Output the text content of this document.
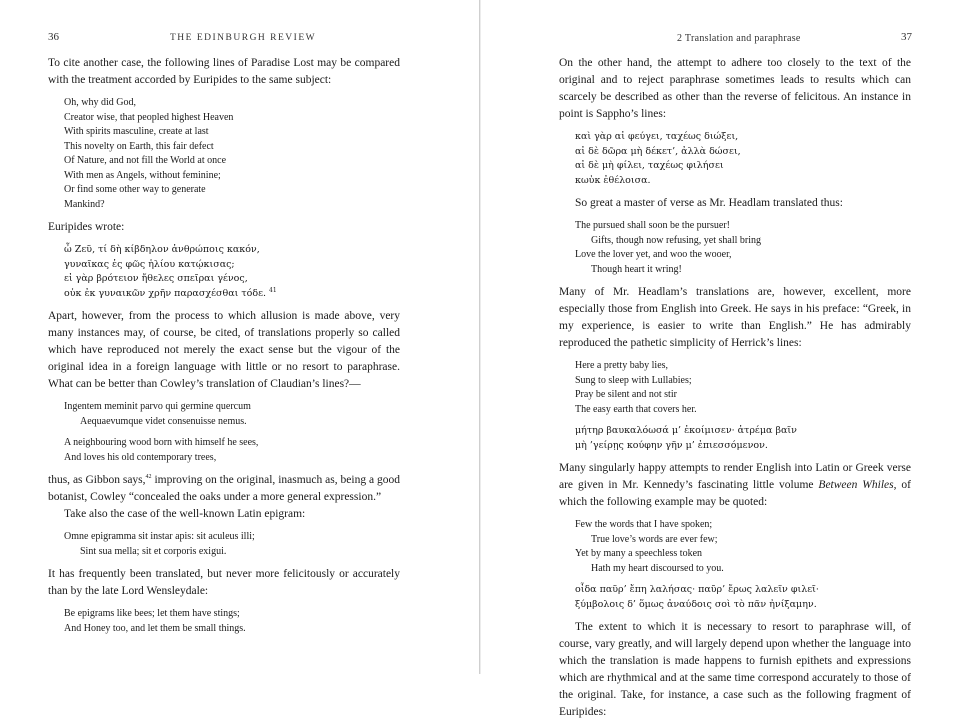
36	THE EDINBURGH REVIEW

To cite another case, the following lines of Paradise Lost may be compared with the treatment accorded by Euripides to the same subject:

Oh, why did God,
Creator wise, that peopled highest Heaven
With spirits masculine, create at last
This novelty on Earth, this fair defect
Of Nature, and not fill the World at once
With men as Angels, without feminine;
Or find some other way to generate
Mankind?

Euripides wrote:

ὦ Ζεῦ, τί δὴ κίβδηλον ἀνθρώποις κακόν,
γυναῖκας ἐς φῶς ἡλίου κατῴκισας;
εἰ γὰρ βρότειον ἤθελες σπεῖραι γένος,
οὐκ ἐκ γυναικῶν χρῆν παρασχέσθαι τόδε. $^{41}$

Apart, however, from the process to which allusion is made above, very many instances may, of course, be cited, of translations properly so called which have reproduced not merely the exact sense but the vigour of the original idea in a foreign language with little or no resort to paraphrase. What can be better than Cowley’s translation of Claudian’s lines?—

Ingentem meminit parvo qui germine quercum
Aequaevumque videt consenuisse nemus.
A neighbouring wood born with himself he sees,
And loves his old contemporary trees,

thus, as Gibbon says,$^{42}$ improving on the original, inasmuch as, being a good botanist, Cowley “concealed the oaks under a more general expression.”

Take also the case of the well-known Latin epigram:

Omne epigramma sit instar apis: sit aculeus illi;
Sint sua mella; sit et corporis exigui.

It has frequently been translated, but never more felicitously or accurately than by the late Lord Wensleydale:

Be epigrams like bees; let them have stings;
And Honey too, and let them be small things.
2 Translation and paraphrase	37

On the other hand, the attempt to adhere too closely to the text of the original and to reject paraphrase sometimes leads to results which can scarcely be described as other than the reverse of felicitous. An instance in point is Sappho’s lines:

καὶ γὰρ αἰ φεύγει, ταχέως διώξει,
αἰ δὲ δῶρα μὴ δέκετ’, ἀλλὰ δώσει,
αἰ δὲ μὴ φίλει, ταχέως φιλήσει
κωὐκ ἐθέλοισα.

So great a master of verse as Mr. Headlam translated thus:

The pursued shall soon be the pursuer!
Gifts, though now refusing, yet shall bring
Love the lover yet, and woo the wooer,
Though heart it wring!

Many of Mr. Headlam’s translations are, however, excellent, more especially those from English into Greek. He says in his preface: “Greek, in my experience, is easier to write than English.” He has admirably reproduced the pathetic simplicity of Herrick’s lines:

Here a pretty baby lies,
Sung to sleep with Lullabies;
Pray be silent and not stir
The easy earth that covers her.
μήτηρ βαυκαλόωσά μ’ ἐκοίμισεν· ἀτρέμα βαῖν
μὴ ’γείρῃς κούφην γῆν μ’ ἐπιεσσόμενον.

Many singularly happy attempts to render English into Latin or Greek verse are given in Mr. Kennedy’s fascinating little volume Between Whiles, of which the following example may be quoted:

Few the words that I have spoken;
True love’s words are ever few;
Yet by many a speechless token
Hath my heart discoursed to you.
οἶδα παῦρ’ ἔπη λαλήσας· παῦρ’ ἔρως λαλεῖν φιλεῖ·
ξύμβολοις δ’ ὅμως ἀναύδοις σοὶ τὸ πᾶν ἠνίξαμην.

The extent to which it is necessary to resort to paraphrase will, of course, vary greatly, and will largely depend upon whether the language into which the translation is made happens to furnish epithets and expressions which are rhythmical and at the same time correspond accurately to those of the original. Take, for instance, a case such as the following fragment of Euripides:
